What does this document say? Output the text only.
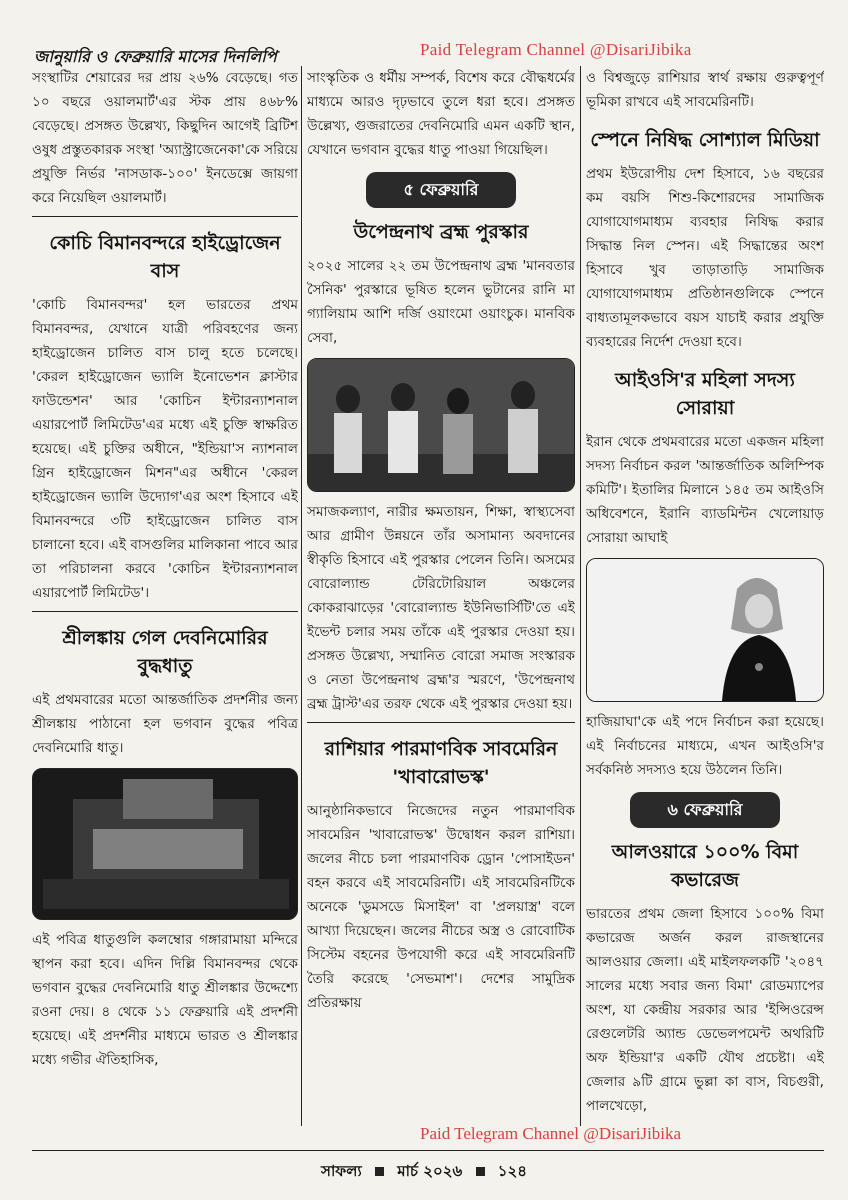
Paid Telegram Channel @DisariJibika
জানুয়ারি ও ফেব্রুয়ারি মাসের দিনলিপি

সংস্থাটির শেয়ারের দর প্রায় ২৬% বেড়েছে। গত ১০ বছরে ওয়ালমার্ট'এর স্টক প্রায় ৪৬৮% বেড়েছে। প্রসঙ্গত উল্লেখ্য, কিছুদিন আগেই ব্রিটিশ ওষুধ প্রস্তুতকারক সংস্থা 'অ্যাস্ট্রাজেনেকা'কে সরিয়ে প্রযুক্তি নির্ভর 'নাসডাক-১০০' ইনডেক্সে জায়গা করে নিয়েছিল ওয়ালমার্ট।

কোচি বিমানবন্দরে হাইড্রোজেন বাস

'কোচি বিমানবন্দর' হল ভারতের প্রথম বিমানবন্দর, যেখানে যাত্রী পরিবহণের জন্য হাইড্রোজেন চালিত বাস চালু হতে চলেছে। 'কেরল হাইড্রোজেন ভ্যালি ইনোভেশন ক্লাস্টার ফাউন্ডেশন' আর 'কোচিন ইন্টারন্যাশনাল এয়ারপোর্ট লিমিটেড'এর মধ্যে এই চুক্তি স্বাক্ষরিত হয়েছে। এই চুক্তির অধীনে, "ইন্ডিয়া'স ন্যাশনাল গ্রিন হাইড্রোজেন মিশন"এর অধীনে 'কেরল হাইড্রোজেন ভ্যালি উদ্যোগ'এর অংশ হিসাবে এই বিমানবন্দরে ৩টি হাইড্রোজেন চালিত বাস চালানো হবে। এই বাসগুলির মালিকানা পাবে আর তা পরিচালনা করবে 'কোচিন ইন্টারন্যাশনাল এয়ারপোর্ট লিমিটেড'।

শ্রীলঙ্কায় গেল দেবনিমোরির বুদ্ধধাতু

এই প্রথমবারের মতো আন্তর্জাতিক প্রদর্শনীর জন্য শ্রীলঙ্কায় পাঠানো হল ভগবান বুদ্ধের পবিত্র দেবনিমোরি ধাতু।

এই পবিত্র ধাতুগুলি কলম্বোর গঙ্গারামায়া মন্দিরে স্থাপন করা হবে। এদিন দিল্লি বিমানবন্দর থেকে ভগবান বুদ্ধের দেবনিমোরি ধাতু শ্রীলঙ্কার উদ্দেশ্যে রওনা দেয়। ৪ থেকে ১১ ফেব্রুয়ারি এই প্রদর্শনী হয়েছে। এই প্রদর্শনীর মাধ্যমে ভারত ও শ্রীলঙ্কার মধ্যে গভীর ঐতিহাসিক,

সাংস্কৃতিক ও ধর্মীয় সম্পর্ক, বিশেষ করে বৌদ্ধধর্মের মাধ্যমে আরও দৃঢ়ভাবে তুলে ধরা হবে। প্রসঙ্গত উল্লেখ্য, গুজরাতের দেবনিমোরি এমন একটি স্থান, যেখানে ভগবান বুদ্ধের ধাতু পাওয়া গিয়েছিল।

৫ ফেব্রুয়ারি
উপেন্দ্রনাথ ব্রহ্ম পুরস্কার

২০২৫ সালের ২২ তম উপেন্দ্রনাথ ব্রহ্ম 'মানবতার সৈনিক' পুরস্কারে ভূষিত হলেন ভুটানের রানি মা গ্যালিয়াম আশি দর্জি ওয়াংমো ওয়াংচুক। মানবিক সেবা,

সমাজকল্যাণ, নারীর ক্ষমতায়ন, শিক্ষা, স্বাস্থ্যসেবা আর গ্রামীণ উন্নয়নে তাঁর অসামান্য অবদানের স্বীকৃতি হিসাবে এই পুরস্কার পেলেন তিনি। অসমের বোরোল্যান্ড টেরিটোরিয়াল অঞ্চলের কোকরাঝাড়ের 'বোরোল্যান্ড ইউনিভার্সিটি'তে এই ইভেন্ট চলার সময় তাঁকে এই পুরস্কার দেওয়া হয়। প্রসঙ্গত উল্লেখ্য, সম্মানিত বোরো সমাজ সংস্কারক ও নেতা উপেন্দ্রনাথ ব্রহ্ম'র স্মরণে, 'উপেন্দ্রনাথ ব্রহ্ম ট্রাস্ট'এর তরফ থেকে এই পুরস্কার দেওয়া হয়।

রাশিয়ার পারমাণবিক সাবমেরিন 'খাবারোভস্ক'

আনুষ্ঠানিকভাবে নিজেদের নতুন পারমাণবিক সাবমেরিন 'খাবারোভস্ক' উদ্বোধন করল রাশিয়া। জলের নীচে চলা পারমাণবিক ড্রোন 'পোসাইডন' বহন করবে এই সাবমেরিনটি। এই সাবমেরিনটিকে অনেকে 'ডুমসডে মিসাইল' বা 'প্রলয়াস্ত্র' বলে আখ্যা দিয়েছেন। জলের নীচের অস্ত্র ও রোবোটিক সিস্টেম বহনের উপযোগী করে এই সাবমেরিনটি তৈরি করেছে 'সেভমাশ'। দেশের সামুদ্রিক প্রতিরক্ষায়

ও বিশ্বজুড়ে রাশিয়ার স্বার্থ রক্ষায় গুরুত্বপূর্ণ ভূমিকা রাখবে এই সাবমেরিনটি।

স্পেনে নিষিদ্ধ সোশ্যাল মিডিয়া

প্রথম ইউরোপীয় দেশ হিসাবে, ১৬ বছরের কম বয়সি শিশু-কিশোরদের সামাজিক যোগাযোগমাধ্যম ব্যবহার নিষিদ্ধ করার সিদ্ধান্ত নিল স্পেন। এই সিদ্ধান্তের অংশ হিসাবে খুব তাড়াতাড়ি সামাজিক যোগাযোগমাধ্যম প্রতিষ্ঠানগুলিকে স্পেনে বাধ্যতামূলকভাবে বয়স যাচাই করার প্রযুক্তি ব্যবহারের নির্দেশ দেওয়া হবে।

আইওসি'র মহিলা সদস্য সোরায়া

ইরান থেকে প্রথমবারের মতো একজন মহিলা সদস্য নির্বাচন করল 'আন্তর্জাতিক অলিম্পিক কমিটি'। ইতালির মিলানে ১৪৫ তম আইওসি অধিবেশনে, ইরানি ব্যাডমিন্টন খেলোয়াড় সোরায়া আঘাই

হাজিয়াঘা'কে এই পদে নির্বাচন করা হয়েছে। এই নির্বাচনের মাধ্যমে, এখন আইওসি'র সর্বকনিষ্ঠ সদস্যও হয়ে উঠলেন তিনি।

৬ ফেব্রুয়ারি
আলওয়ারে ১০০% বিমা কভারেজ

ভারতের প্রথম জেলা হিসাবে ১০০% বিমা কভারেজ অর্জন করল রাজস্থানের আলওয়ার জেলা। এই মাইলফলকটি '২০৪৭ সালের মধ্যে সবার জন্য বিমা' রোডম্যাপের অংশ, যা কেন্দ্রীয় সরকার আর 'ইন্সিওরেন্স রেগুলেটরি অ্যান্ড ডেভেলপমেন্ট অথরিটি অফ ইন্ডিয়া'র একটি যৌথ প্রচেষ্টা। এই জেলার ৯টি গ্রামে ভুল্লা কা বাস, বিচগুরী, পালখেড়ো,

Paid Telegram Channel @DisariJibika
সাফল্য মার্চ ২০২৬ ১২৪
